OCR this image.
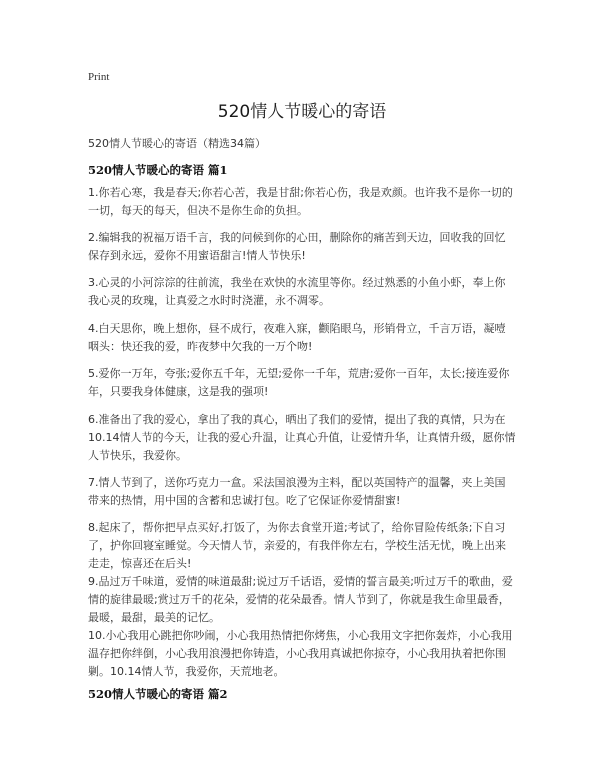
Print
520情人节暖心的寄语
520情人节暖心的寄语（精选34篇）
520情人节暖心的寄语 篇1

1.你若心寒，我是春天;你若心苦，我是甘甜;你若心伤，我是欢颜。也许我不是你一切的一切，每天的每天，但决不是你生命的负担。

2.编辑我的祝福万语千言，我的问候到你的心田，删除你的痛苦到天边，回收我的回忆保存到永远，爱你不用蜜语甜言!情人节快乐!

3.心灵的小河淙淙的往前流，我坐在欢快的水流里等你。经过熟悉的小鱼小虾，奉上你我心灵的玫瑰，让真爱之水时时浇灌，永不凋零。

4.白天思你，晚上想你，昼不成行，夜难入寐，颧陷眼乌，形销骨立，千言万语，凝噎咽头：快还我的爱，昨夜梦中欠我的一万个吻!

5.爱你一万年，夸张;爱你五千年，无望;爱你一千年，荒唐;爱你一百年，太长;接连爱你年，只要我身体健康，这是我的强项!

6.准备出了我的爱心，拿出了我的真心，晒出了我们的爱情，提出了我的真情，只为在10.14情人节的今天，让我的爱心升温，让真心升值，让爱情升华，让真情升级，愿你情人节快乐，我爱你。

7.情人节到了，送你巧克力一盒。采法国浪漫为主料，配以英国特产的温馨，夹上美国带来的热情，用中国的含蓄和忠诚打包。吃了它保证你爱情甜蜜!

8.起床了，帮你把早点买好,打饭了，为你去食堂开道;考试了，给你冒险传纸条;下自习了，护你回寝室睡觉。今天情人节，亲爱的，有我伴你左右，学校生活无忧，晚上出来走走，惊喜还在后头!

9.品过万千味道，爱情的味道最甜;说过万千话语，爱情的誓言最美;听过万千的歌曲，爱情的旋律最暖;赏过万千的花朵，爱情的花朵最香。情人节到了，你就是我生命里最香，最暖，最甜，最美的记忆。

10.小心我用心跳把你吵闹，小心我用热情把你烤焦，小心我用文字把你轰炸，小心我用温存把你绊倒，小心我用浪漫把你铸造，小心我用真诚把你掠夺，小心我用执着把你围剿。10.14情人节，我爱你，天荒地老。

520情人节暖心的寄语 篇2
